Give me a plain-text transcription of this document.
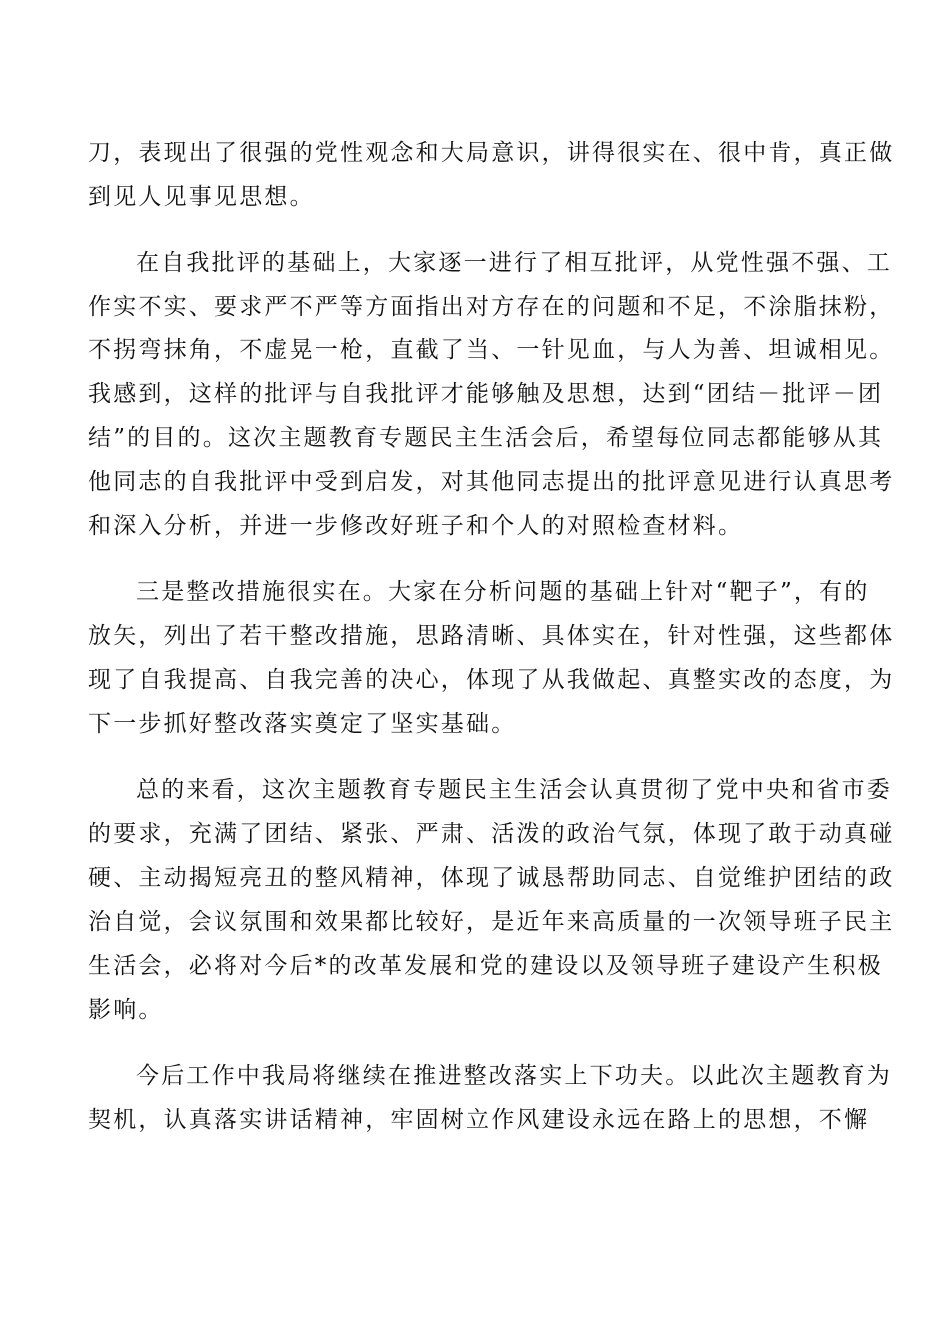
刀，表现出了很强的党性观念和大局意识，讲得很实在、很中肯，真正做
到见人见事见思想。
在自我批评的基础上，大家逐一进行了相互批评，从党性强不强、工
作实不实、要求严不严等方面指出对方存在的问题和不足，不涂脂抹粉，
不拐弯抹角，不虚晃一枪，直截了当、一针见血，与人为善、坦诚相见。
我感到，这样的批评与自我批评才能够触及思想，达到“团结－批评－团
结”的目的。这次主题教育专题民主生活会后，希望每位同志都能够从其
他同志的自我批评中受到启发，对其他同志提出的批评意见进行认真思考
和深入分析，并进一步修改好班子和个人的对照检查材料。
三是整改措施很实在。大家在分析问题的基础上针对“靶子”，有的
放矢，列出了若干整改措施，思路清晰、具体实在，针对性强，这些都体
现了自我提高、自我完善的决心，体现了从我做起、真整实改的态度，为
下一步抓好整改落实奠定了坚实基础。
总的来看，这次主题教育专题民主生活会认真贯彻了党中央和省市委
的要求，充满了团结、紧张、严肃、活泼的政治气氛，体现了敢于动真碰
硬、主动揭短亮丑的整风精神，体现了诚恳帮助同志、自觉维护团结的政
治自觉，会议氛围和效果都比较好，是近年来高质量的一次领导班子民主
生活会，必将对今后*的改革发展和党的建设以及领导班子建设产生积极
影响。
今后工作中我局将继续在推进整改落实上下功夫。以此次主题教育为
契机，认真落实讲话精神，牢固树立作风建设永远在路上的思想，不懈
